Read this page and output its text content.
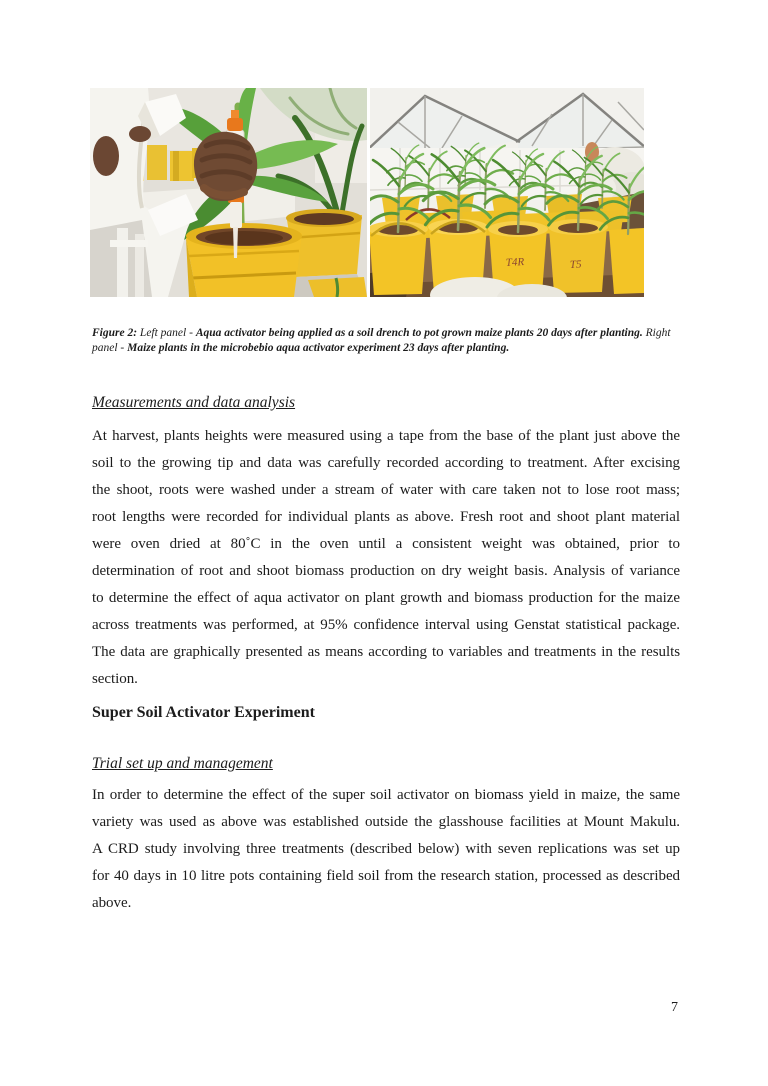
T4R	T5

Figure 2: Left panel - Aqua activator being applied as a soil drench to pot grown maize plants 20 days after planting. Right panel - Maize plants in the microbebio aqua activator experiment 23 days after planting.

Measurements and data analysis
At harvest, plants heights were measured using a tape from the base of the plant just above the
soil to the growing tip and data was carefully recorded according to treatment. After excising
the shoot, roots were washed under a stream of water with care taken not to lose root mass;
root lengths were recorded for individual plants as above. Fresh root and shoot plant material
were oven dried at 80˚C in the oven until a consistent weight was obtained, prior to
determination of root and shoot biomass production on dry weight basis. Analysis of variance
to determine the effect of aqua activator on plant growth and biomass production for the maize
across treatments was performed, at 95% confidence interval using Genstat statistical package.
The data are graphically presented as means according to variables and treatments in the results
section.
Super Soil Activator Experiment
Trial set up and management
In order to determine the effect of the super soil activator on biomass yield in maize, the same
variety was used as above was established outside the glasshouse facilities at Mount Makulu.
A CRD study involving three treatments (described below) with seven replications was set up
for 40 days in 10 litre pots containing field soil from the research station, processed as described
above.
7
